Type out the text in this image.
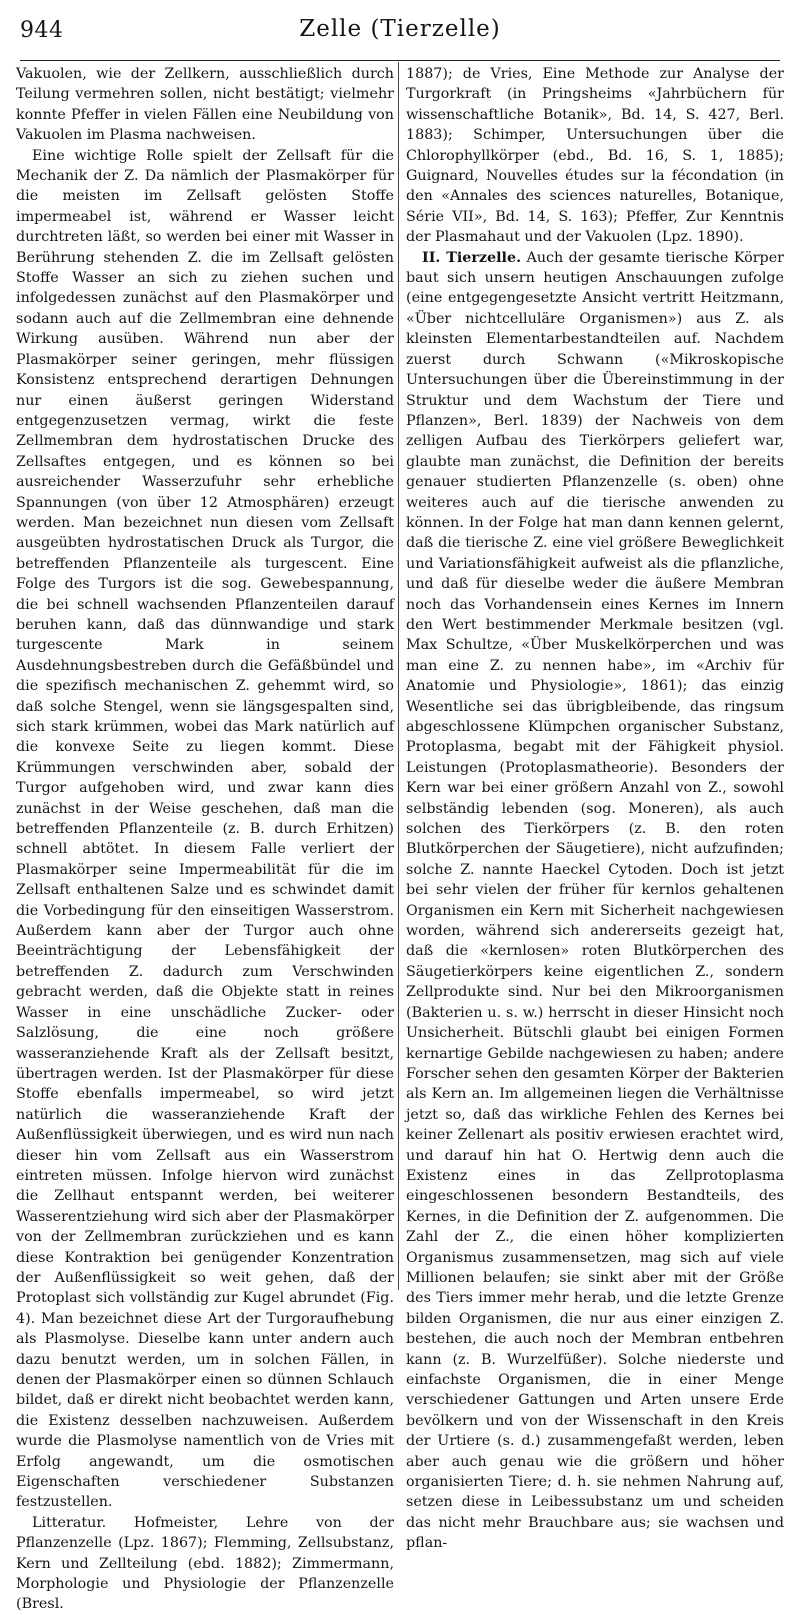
944	Zelle (Tierzelle)

Vakuolen, wie der Zellkern, ausschließlich durch Teilung vermehren sollen, nicht bestätigt; vielmehr konnte Pfeffer in vielen Fällen eine Neubildung von Vakuolen im Plasma nachweisen.

Eine wichtige Rolle spielt der Zellsaft für die Mechanik der Z. Da nämlich der Plasmakörper für die meisten im Zellsaft gelösten Stoffe impermeabel ist, während er Wasser leicht durchtreten läßt, so werden bei einer mit Wasser in Berührung stehenden Z. die im Zellsaft gelösten Stoffe Wasser an sich zu ziehen suchen und infolgedessen zunächst auf den Plasmakörper und sodann auch auf die Zellmembran eine dehnende Wirkung ausüben. Während nun aber der Plasmakörper seiner geringen, mehr flüssigen Konsistenz entsprechend derartigen Dehnungen nur einen äußerst geringen Widerstand entgegenzusetzen vermag, wirkt die feste Zellmembran dem hydrostatischen Drucke des Zellsaftes entgegen, und es können so bei ausreichender Wasserzufuhr sehr erhebliche Spannungen (von über 12 Atmosphären) erzeugt werden. Man bezeichnet nun diesen vom Zellsaft ausgeübten hydrostatischen Druck als Turgor, die betreffenden Pflanzenteile als turgescent. Eine Folge des Turgors ist die sog. Gewebespannung, die bei schnell wachsenden Pflanzenteilen darauf beruhen kann, daß das dünnwandige und stark turgescente Mark in seinem Ausdehnungsbestreben durch die Gefäßbündel und die spezifisch mechanischen Z. gehemmt wird, so daß solche Stengel, wenn sie längsgespalten sind, sich stark krümmen, wobei das Mark natürlich auf die konvexe Seite zu liegen kommt. Diese Krümmungen verschwinden aber, sobald der Turgor aufgehoben wird, und zwar kann dies zunächst in der Weise geschehen, daß man die betreffenden Pflanzenteile (z. B. durch Erhitzen) schnell abtötet. In diesem Falle verliert der Plasmakörper seine Impermeabilität für die im Zellsaft enthaltenen Salze und es schwindet damit die Vorbedingung für den einseitigen Wasserstrom. Außerdem kann aber der Turgor auch ohne Beeinträchtigung der Lebensfähigkeit der betreffenden Z. dadurch zum Verschwinden gebracht werden, daß die Objekte statt in reines Wasser in eine unschädliche Zucker- oder Salzlösung, die eine noch größere wasseranziehende Kraft als der Zellsaft besitzt, übertragen werden. Ist der Plasmakörper für diese Stoffe ebenfalls impermeabel, so wird jetzt natürlich die wasseranziehende Kraft der Außenflüssigkeit überwiegen, und es wird nun nach dieser hin vom Zellsaft aus ein Wasserstrom eintreten müssen. Infolge hiervon wird zunächst die Zellhaut entspannt werden, bei weiterer Wasserentziehung wird sich aber der Plasmakörper von der Zellmembran zurückziehen und es kann diese Kontraktion bei genügender Konzentration der Außenflüssigkeit so weit gehen, daß der Protoplast sich vollständig zur Kugel abrundet (Fig. 4). Man bezeichnet diese Art der Turgoraufhebung als Plasmolyse. Dieselbe kann unter andern auch dazu benutzt werden, um in solchen Fällen, in denen der Plasmakörper einen so dünnen Schlauch bildet, daß er direkt nicht beobachtet werden kann, die Existenz desselben nachzuweisen. Außerdem wurde die Plasmolyse namentlich von de Vries mit Erfolg angewandt, um die osmotischen Eigenschaften verschiedener Substanzen festzustellen.

Litteratur. Hofmeister, Lehre von der Pflanzenzelle (Lpz. 1867); Flemming, Zellsubstanz, Kern und Zellteilung (ebd. 1882); Zimmermann, Morphologie und Physiologie der Pflanzenzelle (Bresl.

1887); de Vries, Eine Methode zur Analyse der Turgorkraft (in Pringsheims «Jahrbüchern für wissenschaftliche Botanik», Bd. 14, S. 427, Berl. 1883); Schimper, Untersuchungen über die Chlorophyllkörper (ebd., Bd. 16, S. 1, 1885); Guignard, Nouvelles études sur la fécondation (in den «Annales des sciences naturelles, Botanique, Série VII», Bd. 14, S. 163); Pfeffer, Zur Kenntnis der Plasmahaut und der Vakuolen (Lpz. 1890).

II. Tierzelle. Auch der gesamte tierische Körper baut sich unsern heutigen Anschauungen zufolge (eine entgegengesetzte Ansicht vertritt Heitzmann, «Über nichtcelluläre Organismen») aus Z. als kleinsten Elementarbestandteilen auf. Nachdem zuerst durch Schwann («Mikroskopische Untersuchungen über die Übereinstimmung in der Struktur und dem Wachstum der Tiere und Pflanzen», Berl. 1839) der Nachweis von dem zelligen Aufbau des Tierkörpers geliefert war, glaubte man zunächst, die Definition der bereits genauer studierten Pflanzenzelle (s. oben) ohne weiteres auch auf die tierische anwenden zu können. In der Folge hat man dann kennen gelernt, daß die tierische Z. eine viel größere Beweglichkeit und Variationsfähigkeit aufweist als die pflanzliche, und daß für dieselbe weder die äußere Membran noch das Vorhandensein eines Kernes im Innern den Wert bestimmender Merkmale besitzen (vgl. Max Schultze, «Über Muskelkörperchen und was man eine Z. zu nennen habe», im «Archiv für Anatomie und Physiologie», 1861); das einzig Wesentliche sei das übrigbleibende, das ringsum abgeschlossene Klümpchen organischer Substanz, Protoplasma, begabt mit der Fähigkeit physiol. Leistungen (Protoplasmatheorie). Besonders der Kern war bei einer größern Anzahl von Z., sowohl selbständig lebenden (sog. Moneren), als auch solchen des Tierkörpers (z. B. den roten Blutkörperchen der Säugetiere), nicht aufzufinden; solche Z. nannte Haeckel Cytoden. Doch ist jetzt bei sehr vielen der früher für kernlos gehaltenen Organismen ein Kern mit Sicherheit nachgewiesen worden, während sich andererseits gezeigt hat, daß die «kernlosen» roten Blutkörperchen des Säugetierkörpers keine eigentlichen Z., sondern Zellprodukte sind. Nur bei den Mikroorganismen (Bakterien u. s. w.) herrscht in dieser Hinsicht noch Unsicherheit. Bütschli glaubt bei einigen Formen kernartige Gebilde nachgewiesen zu haben; andere Forscher sehen den gesamten Körper der Bakterien als Kern an. Im allgemeinen liegen die Verhältnisse jetzt so, daß das wirkliche Fehlen des Kernes bei keiner Zellenart als positiv erwiesen erachtet wird, und darauf hin hat O. Hertwig denn auch die Existenz eines in das Zellprotoplasma eingeschlossenen besondern Bestandteils, des Kernes, in die Definition der Z. aufgenommen. Die Zahl der Z., die einen höher komplizierten Organismus zusammensetzen, mag sich auf viele Millionen belaufen; sie sinkt aber mit der Größe des Tiers immer mehr herab, und die letzte Grenze bilden Organismen, die nur aus einer einzigen Z. bestehen, die auch noch der Membran entbehren kann (z. B. Wurzelfüßer). Solche niederste und einfachste Organismen, die in einer Menge verschiedener Gattungen und Arten unsere Erde bevölkern und von der Wissenschaft in den Kreis der Urtiere (s. d.) zusammengefaßt werden, leben aber auch genau wie die größern und höher organisierten Tiere; d. h. sie nehmen Nahrung auf, setzen diese in Leibessubstanz um und scheiden das nicht mehr Brauchbare aus; sie wachsen und pflan-
